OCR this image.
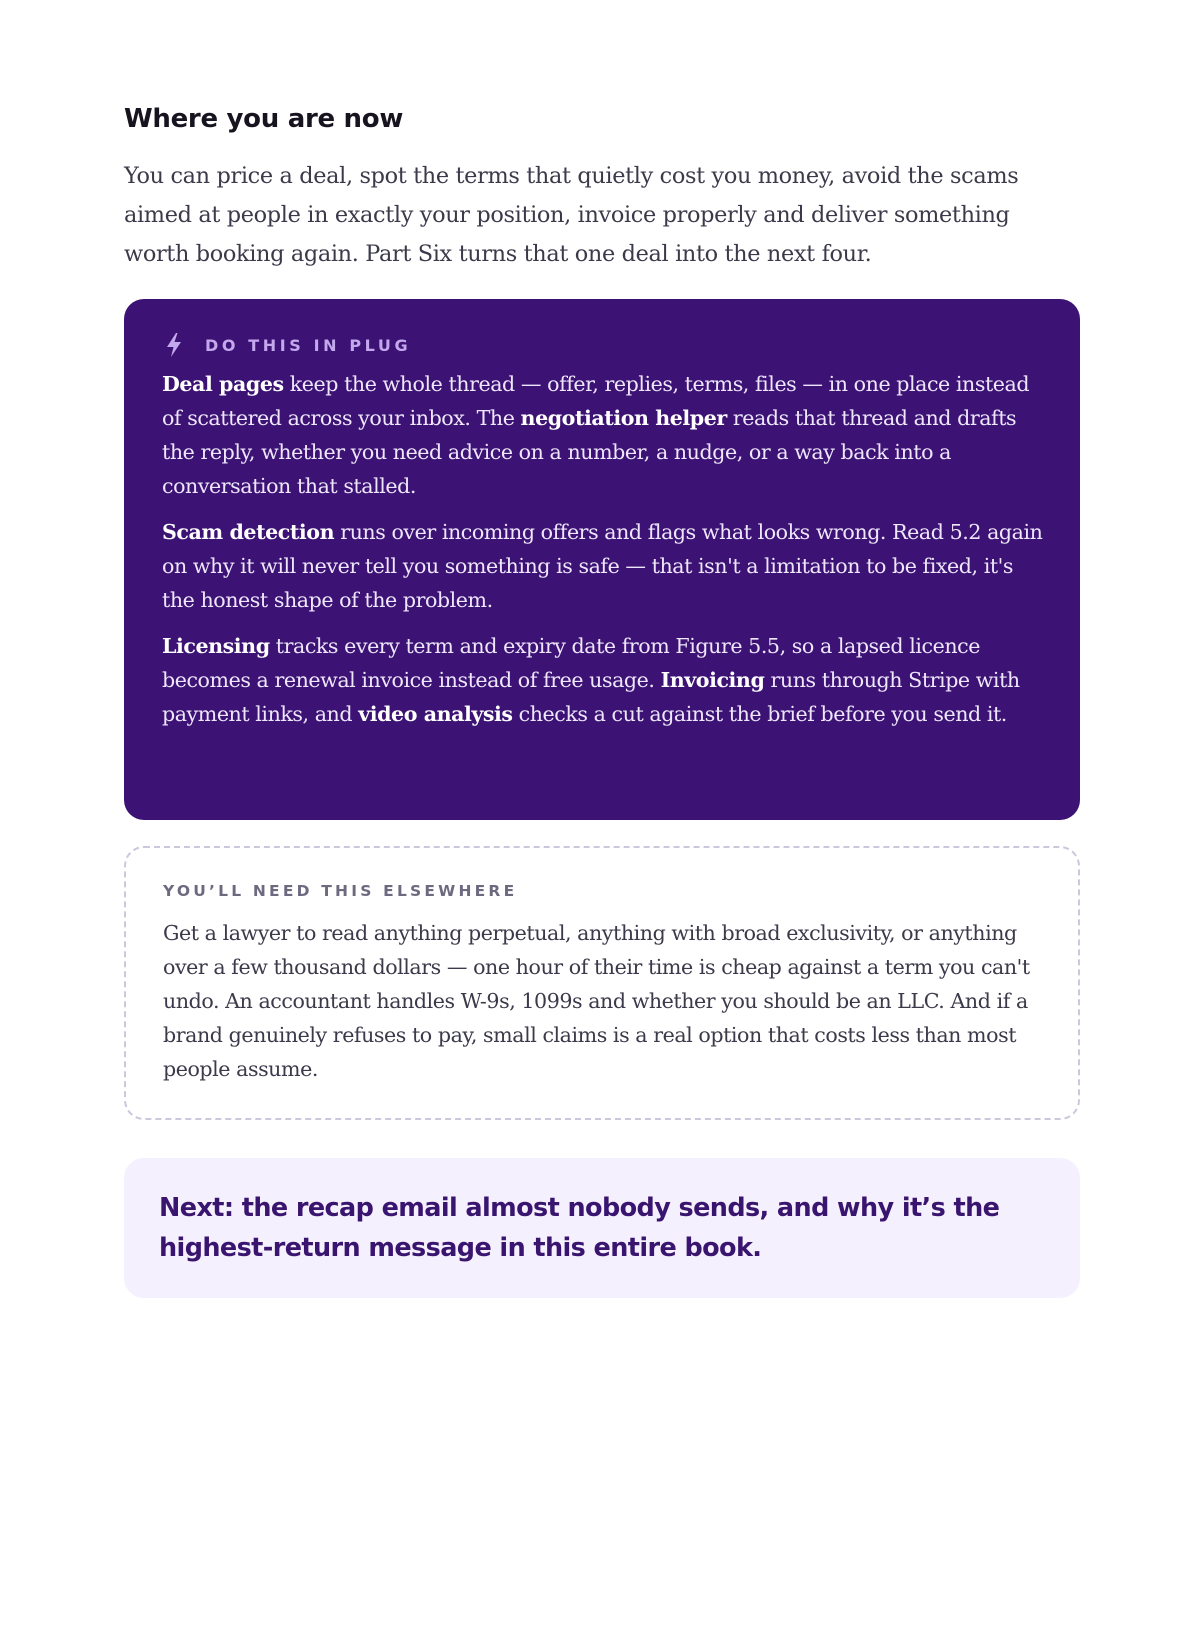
Where you are now

You can price a deal, spot the terms that quietly cost you money, avoid the scams aimed at people in exactly your position, invoice properly and deliver something worth booking again. Part Six turns that one deal into the next four.

DO THIS IN PLUG

Deal pages keep the whole thread — offer, replies, terms, files — in one place instead of scattered across your inbox. The negotiation helper reads that thread and drafts the reply, whether you need advice on a number, a nudge, or a way back into a conversation that stalled.

Scam detection runs over incoming offers and flags what looks wrong. Read 5.2 again on why it will never tell you something is safe — that isn't a limitation to be fixed, it's the honest shape of the problem.

Licensing tracks every term and expiry date from Figure 5.5, so a lapsed licence becomes a renewal invoice instead of free usage. Invoicing runs through Stripe with payment links, and video analysis checks a cut against the brief before you send it.

YOU’LL NEED THIS ELSEWHERE

Get a lawyer to read anything perpetual, anything with broad exclusivity, or anything over a few thousand dollars — one hour of their time is cheap against a term you can't undo. An accountant handles W-9s, 1099s and whether you should be an LLC. And if a brand genuinely refuses to pay, small claims is a real option that costs less than most people assume.

Next: the recap email almost nobody sends, and why it’s the highest-return message in this entire book.
